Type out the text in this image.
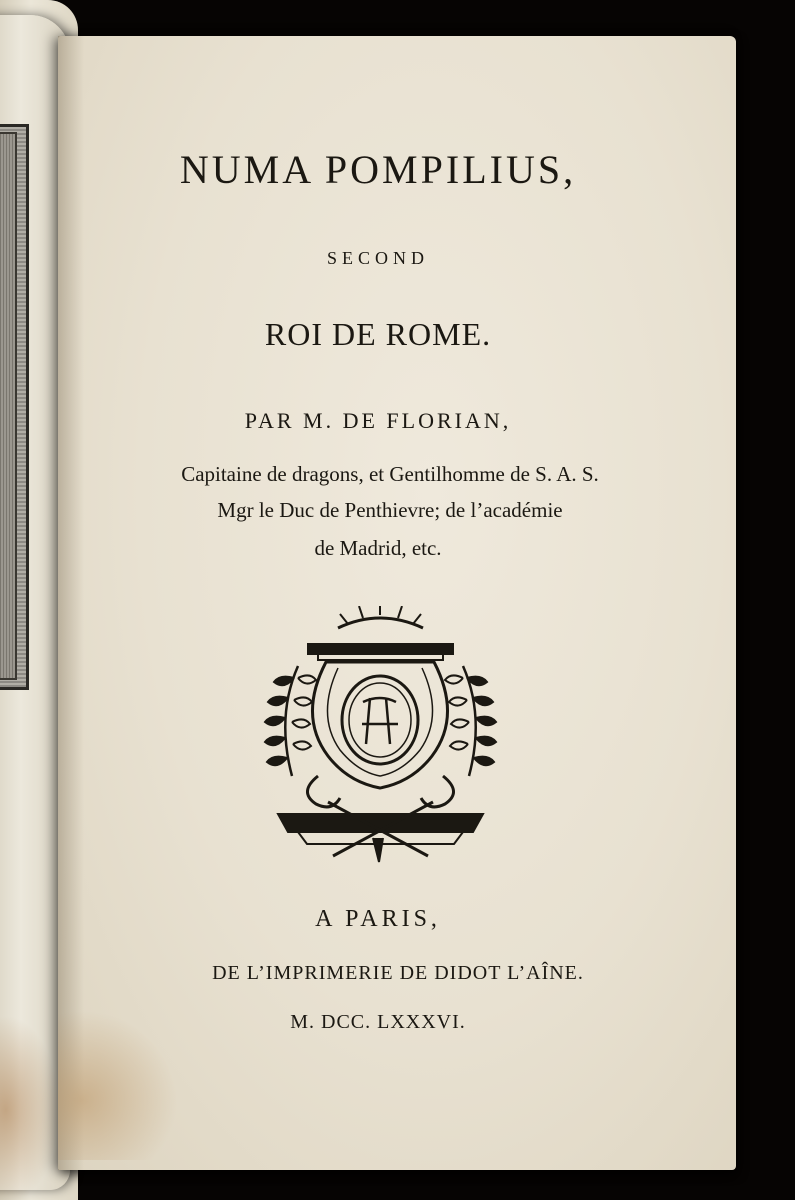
NUMA POMPILIUS,
SECOND
ROI DE ROME.
PAR M. DE FLORIAN,
Capitaine de dragons, et Gentilhomme de S. A. S.
Mgr le Duc de Penthievre; de l’académie
de Madrid, etc.
A PARIS,
DE L’IMPRIMERIE DE DIDOT L’AÎNE.
M. DCC. LXXXVI.
